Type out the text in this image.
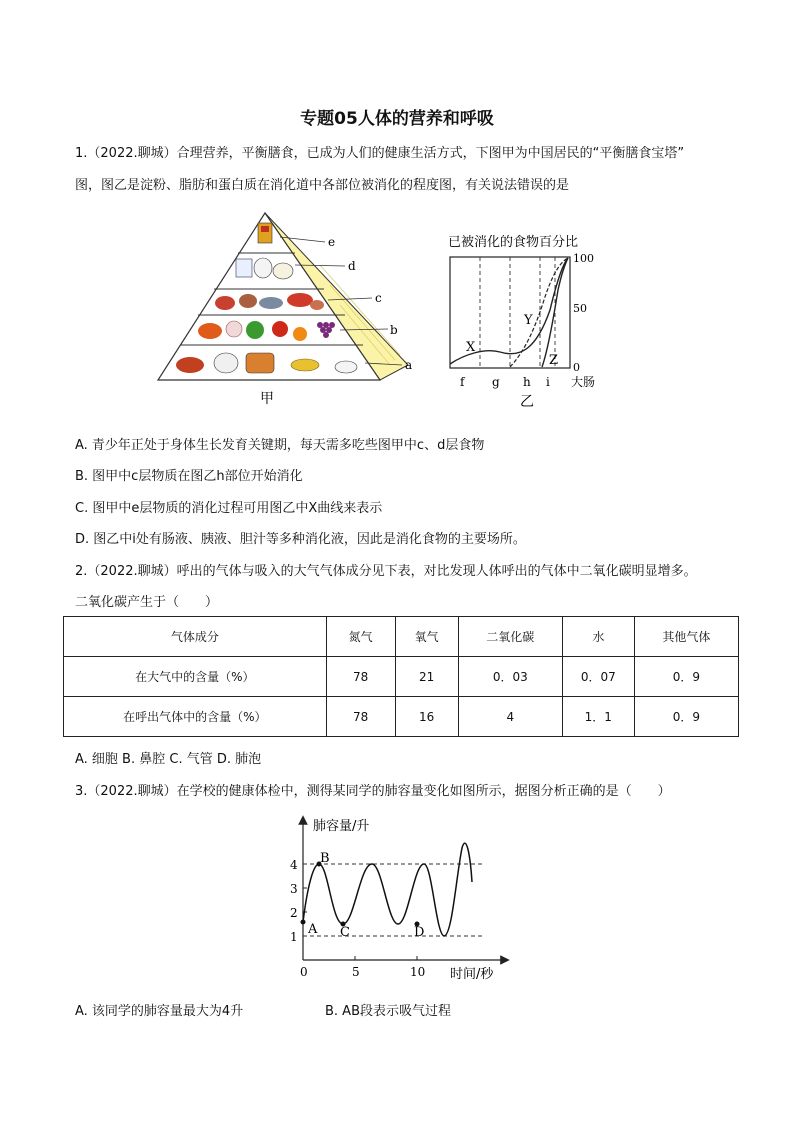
专题05人体的营养和呼吸
1.（2022.聊城）合理营养，平衡膳食，已成为人们的健康生活方式，下图甲为中国居民的“平衡膳食宝塔”
图，图乙是淀粉、脂肪和蛋白质在消化道中各部位被消化的程度图，有关说法错误的是
e
d
c
b
a
甲
已被消化的食物百分比
X
Y
Z
100
50
0
f g h i 大肠
乙
A. 青少年正处于身体生长发育关键期，每天需多吃些图甲中c、d层食物
B. 图甲中c层物质在图乙h部位开始消化
C. 图甲中e层物质的消化过程可用图乙中X曲线来表示
D. 图乙中i处有肠液、胰液、胆汁等多种消化液，因此是消化食物的主要场所。
2.（2022.聊城）呼出的气体与吸入的大气气体成分见下表，对比发现人体呼出的气体中二氧化碳明显增多。
二氧化碳产生于（　　）
气体成分	氮气	氧气	二氧化碳	水	其他气体
在大气中的含量（%）	78	21	0．03	0．07	0．9
在呼出气体中的含量（%）	78	16	4	1．1	0．9
A. 细胞 B. 鼻腔 C. 气管 D. 肺泡
3.（2022.聊城）在学校的健康体检中，测得某同学的肺容量变化如图所示，据图分析正确的是（　　）
A
B
C	D
1
2
3
4
0	5	10
肺容量/升
时间/秒
A. 该同学的肺容量最大为4升	B. AB段表示吸气过程
